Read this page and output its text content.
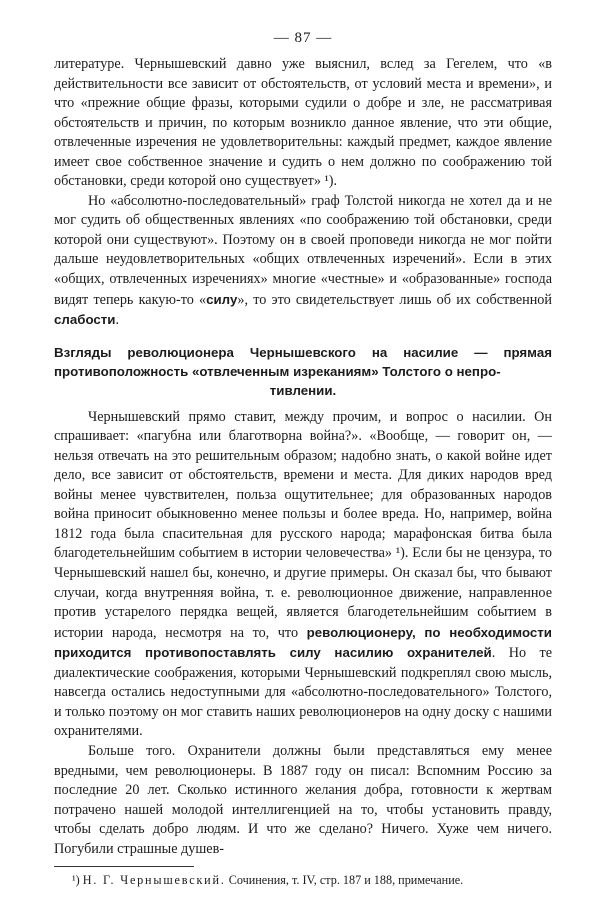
— 87 —

литературе. Чернышевский давно уже выяснил, вслед за Гегелем, что «в действительности все зависит от обстоятельств, от условий места и времени», и что «прежние общие фразы, которыми судили о добре и зле, не рассматривая обстоятельств и причин, по которым возникло данное явление, что эти общие, отвлеченные изречения не удовлетворительны: каждый предмет, каждое явление имеет свое собственное значение и судить о нем должно по соображению той обстановки, среди которой оно существует» ¹).

Но «абсолютно-последовательный» граф Толстой никогда не хотел да и не мог судить об общественных явлениях «по соображению той обстановки, среди которой они существуют». Поэтому он в своей проповеди никогда не мог пойти дальше неудовлетворительных «общих отвлеченных изречений». Если в этих «общих, отвлеченных изречениях» многие «честные» и «образованные» господа видят теперь какую-то «силу», то это свидетельствует лишь об их собственной слабости.

Взгляды революционера Чернышевского на насилие — прямая противоположность «отвлеченным изреканиям» Толстого о непро-
тивлении.

Чернышевский прямо ставит, между прочим, и вопрос о насилии. Он спрашивает: «пагубна или благотворна война?». «Вообще, — говорит он, — нельзя отвечать на это решительным образом; надобно знать, о какой войне идет дело, все зависит от обстоятельств, времени и места. Для диких народов вред войны менее чувствителен, польза ощутительнее; для образованных народов война приносит обыкновенно менее пользы и более вреда. Но, например, война 1812 года была спасительная для русского народа; марафонская битва была благодетельнейшим событием в истории человечества» ¹). Если бы не цензура, то Чернышевский нашел бы, конечно, и другие примеры. Он сказал бы, что бывают случаи, когда внутренняя война, т. е. революционное движение, направленное против устарелого перядка вещей, является благодетельнейшим событием в истории народа, несмотря на то, что революционеру, по необходимости приходится противопоставлять силу насилию охранителей. Но те диалектические соображения, которыми Чернышевский подкреплял свою мысль, навсегда остались недоступными для «абсолютно-последовательного» Толстого, и только поэтому он мог ставить наших революционеров на одну доску с нашими охранителями.

Больше того. Охранители должны были представляться ему менее вредными, чем революционеры. В 1887 году он писал: Вспомним Россию за последние 20 лет. Сколько истинного желания добра, готовности к жертвам потрачено нашей молодой интеллигенцией на то, чтобы установить правду, чтобы сделать добро людям. И что же сделано? Ничего. Хуже чем ничего. Погубили страшные душев-

¹) Н. Г. Чернышевский. Сочинения, т. IV, стр. 187 и 188, примечание.
